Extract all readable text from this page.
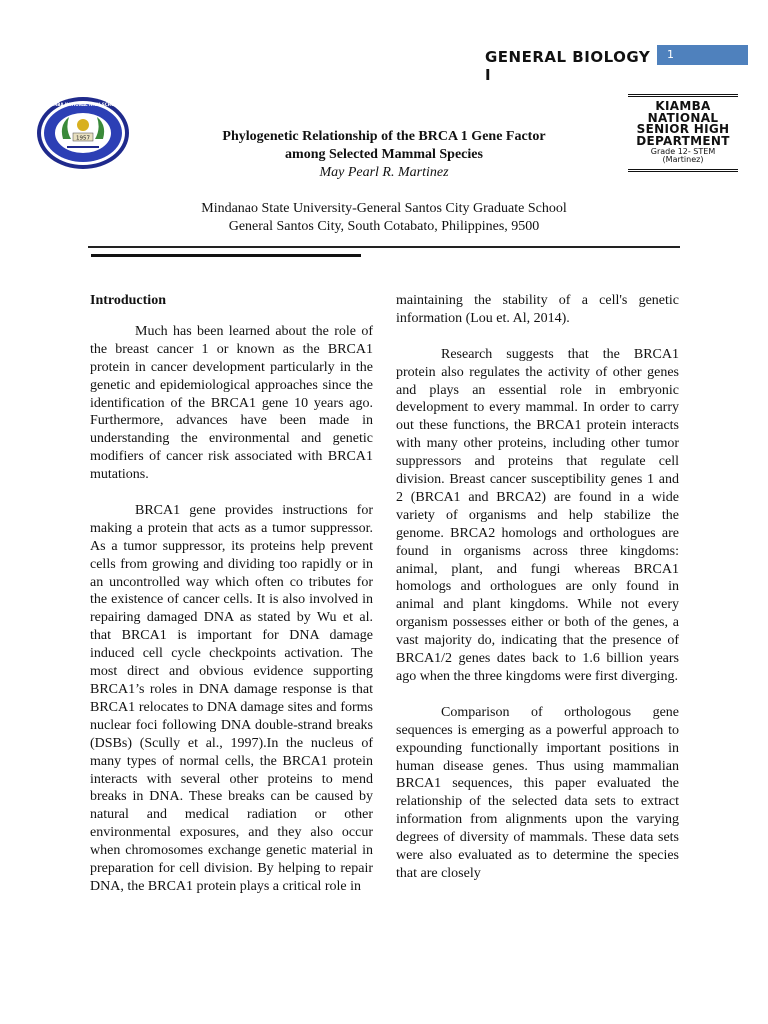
GENERAL BIOLOGY I
1
1957
KIAMBA NATIONAL HIGH SCHOOL	KIAMBA NATIONAL SENIOR HIGH DEPARTMENT
Grade 12- STEM
(Martinez)
Phylogenetic Relationship of the BRCA 1 Gene Factor
among Selected Mammal Species
May Pearl R. Martinez
Mindanao State University-General Santos City Graduate School
General Santos City, South Cotabato, Philippines, 9500
Introduction

Much has been learned about the role of the breast cancer 1 or known as the BRCA1 protein in cancer development particularly in the genetic and epidemiological approaches since the identification of the BRCA1 gene 10 years ago. Furthermore, advances have been made in understanding the environmental and genetic modifiers of cancer risk associated with BRCA1 mutations.

BRCA1 gene provides instructions for making a protein that acts as a tumor suppressor. As a tumor suppressor, its proteins help prevent cells from growing and dividing too rapidly or in an uncontrolled way which often co tributes for the existence of cancer cells. It is also involved in repairing damaged DNA as stated by Wu et al. that BRCA1 is important for DNA damage induced cell cycle checkpoints activation. The most direct and obvious evidence supporting BRCA1’s roles in DNA damage response is that BRCA1 relocates to DNA damage sites and forms nuclear foci following DNA double-strand breaks (DSBs) (Scully et al., 1997).In the nucleus of many types of normal cells, the BRCA1 protein interacts with several other proteins to mend breaks in DNA. These breaks can be caused by natural and medical radiation or other environmental exposures, and they also occur when chromosomes exchange genetic material in preparation for cell division. By helping to repair DNA, the BRCA1 protein plays a critical role in

maintaining the stability of a cell's genetic information (Lou et. Al, 2014).

Research suggests that the BRCA1 protein also regulates the activity of other genes and plays an essential role in embryonic development to every mammal. In order to carry out these functions, the BRCA1 protein interacts with many other proteins, including other tumor suppressors and proteins that regulate cell division. Breast cancer susceptibility genes 1 and 2 (BRCA1 and BRCA2) are found in a wide variety of organisms and help stabilize the genome. BRCA2 homologs and orthologues are found in organisms across three kingdoms: animal, plant, and fungi whereas BRCA1 homologs and orthologues are only found in animal and plant kingdoms. While not every organism possesses either or both of the genes, a vast majority do, indicating that the presence of BRCA1/2 genes dates back to 1.6 billion years ago when the three kingdoms were first diverging.

Comparison of orthologous gene sequences is emerging as a powerful approach to expounding functionally important positions in human disease genes. Thus using mammalian BRCA1 sequences, this paper evaluated the relationship of the selected data sets to extract information from alignments upon the varying degrees of diversity of mammals. These data sets were also evaluated as to determine the species that are closely
